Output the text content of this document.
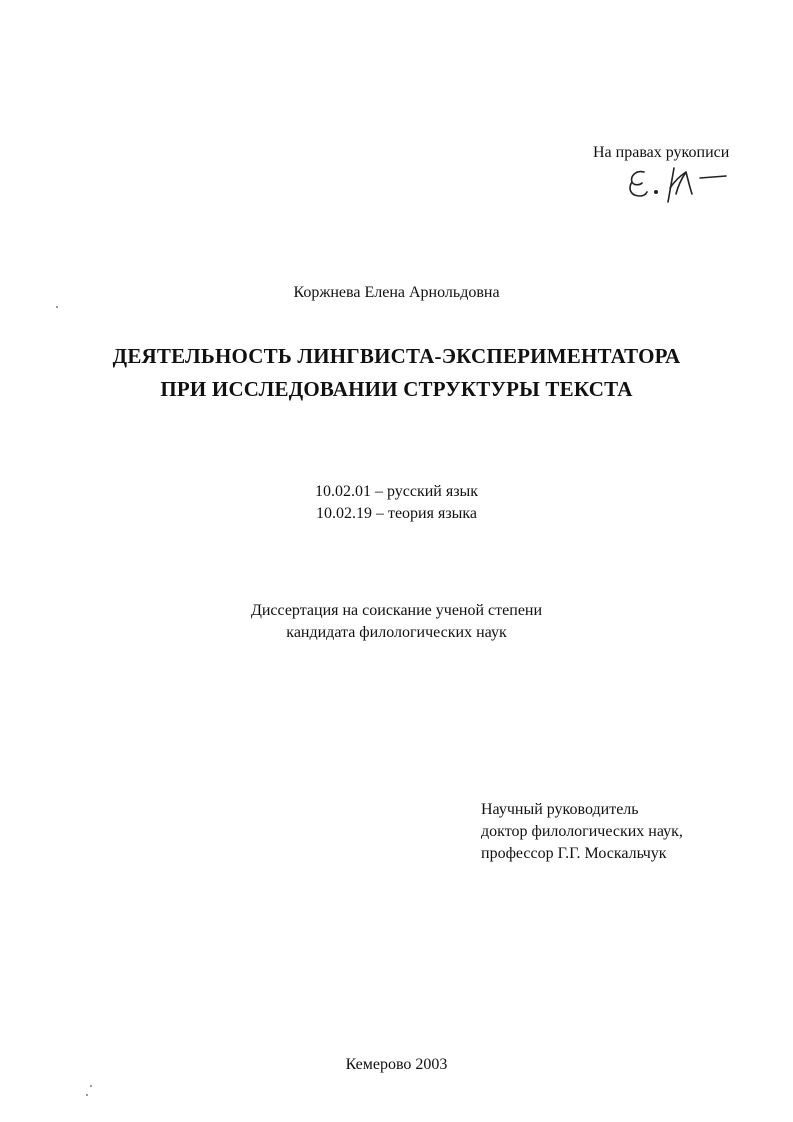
На правах рукописи
Коржнева Елена Арнольдовна
ДЕЯТЕЛЬНОСТЬ ЛИНГВИСТА-ЭКСПЕРИМЕНТАТОРА
ПРИ ИССЛЕДОВАНИИ СТРУКТУРЫ ТЕКСТА
10.02.01 – русский язык
10.02.19 – теория языка
Диссертация на соискание ученой степени
кандидата филологических наук
Научный руководитель
доктор филологических наук,
профессор Г.Г. Москальчук
Кемерово 2003
